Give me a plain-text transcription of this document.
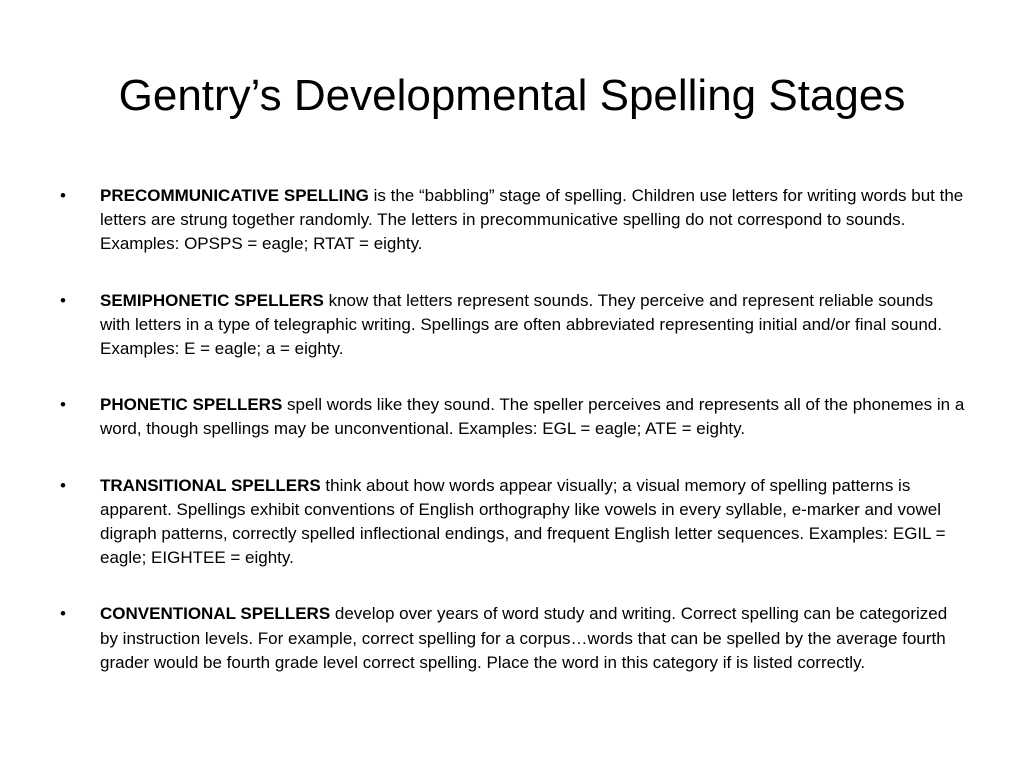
Gentry’s Developmental Spelling Stages
• PRECOMMUNICATIVE SPELLING is the “babbling” stage of spelling. Children use letters for writing words but the letters are strung together randomly. The letters in precommunicative spelling do not correspond to sounds. Examples: OPSPS = eagle; RTAT = eighty.
• SEMIPHONETIC SPELLERS know that letters represent sounds. They perceive and represent reliable sounds with letters in a type of telegraphic writing. Spellings are often abbreviated representing initial and/or final sound. Examples: E = eagle; a = eighty.
• PHONETIC SPELLERS spell words like they sound. The speller perceives and represents all of the phonemes in a word, though spellings may be unconventional. Examples: EGL = eagle; ATE = eighty.
• TRANSITIONAL SPELLERS think about how words appear visually; a visual memory of spelling patterns is apparent. Spellings exhibit conventions of English orthography like vowels in every syllable, e-marker and vowel digraph patterns, correctly spelled inflectional endings, and frequent English letter sequences. Examples: EGIL = eagle; EIGHTEE = eighty.
• CONVENTIONAL SPELLERS develop over years of word study and writing. Correct spelling can be categorized by instruction levels. For example, correct spelling for a corpus…words that can be spelled by the average fourth grader would be fourth grade level correct spelling. Place the word in this category if is listed correctly.
